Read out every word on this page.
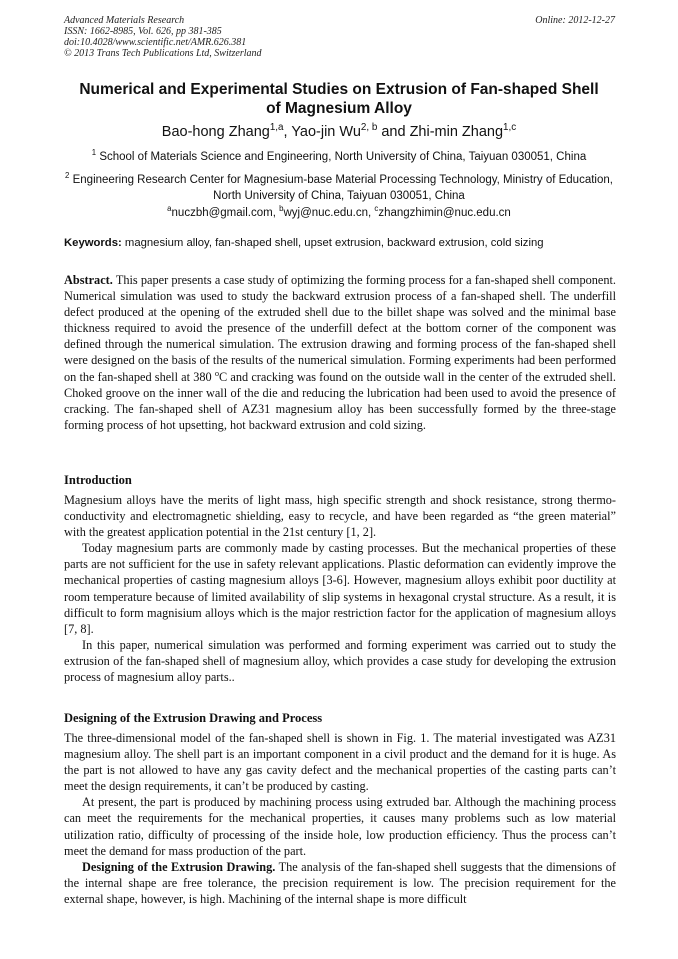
Advanced Materials Research
ISSN: 1662-8985, Vol. 626, pp 381-385
doi:10.4028/www.scientific.net/AMR.626.381
© 2013 Trans Tech Publications Ltd, Switzerland
Online: 2012-12-27
Numerical and Experimental Studies on Extrusion of Fan-shaped Shell
of Magnesium Alloy
Bao-hong Zhang$^{1,a}$, Yao-jin Wu$^{2, b}$ and Zhi-min Zhang$^{1,c}$
$^1$ School of Materials Science and Engineering, North University of China, Taiyuan 030051, China
$^2$ Engineering Research Center for Magnesium-base Material Processing Technology, Ministry of Education, North University of China, Taiyuan 030051, China
$^a$nuczbh@gmail.com, $^b$wyj@nuc.edu.cn, $^c$zhangzhimin@nuc.edu.cn
Keywords: magnesium alloy, fan-shaped shell, upset extrusion, backward extrusion, cold sizing

Abstract. This paper presents a case study of optimizing the forming process for a fan-shaped shell component. Numerical simulation was used to study the backward extrusion process of a fan-shaped shell. The underfill defect produced at the opening of the extruded shell due to the billet shape was solved and the minimal base thickness required to avoid the presence of the underfill defect at the bottom corner of the component was defined through the numerical simulation. The extrusion drawing and forming process of the fan-shaped shell were designed on the basis of the results of the numerical simulation. Forming experiments had been performed on the fan-shaped shell at 380 $^o$C and cracking was found on the outside wall in the center of the extruded shell. Choked groove on the inner wall of the die and reducing the lubrication had been used to avoid the presence of cracking. The fan-shaped shell of AZ31 magnesium alloy has been successfully formed by the three-stage forming process of hot upsetting, hot backward extrusion and cold sizing.

Introduction

Magnesium alloys have the merits of light mass, high specific strength and shock resistance, strong thermo-conductivity and electromagnetic shielding, easy to recycle, and have been regarded as “the green material” with the greatest application potential in the 21st century [1, 2].

Today magnesium parts are commonly made by casting processes. But the mechanical properties of these parts are not sufficient for the use in safety relevant applications. Plastic deformation can evidently improve the mechanical properties of casting magnesium alloys [3-6]. However, magnesium alloys exhibit poor ductility at room temperature because of limited availability of slip systems in hexagonal crystal structure. As a result, it is difficult to form magnisium alloys which is the major restriction factor for the application of magnesium alloys [7, 8].

In this paper, numerical simulation was performed and forming experiment was carried out to study the extrusion of the fan-shaped shell of magnesium alloy, which provides a case study for developing the extrusion process of magnesium alloy parts..

Designing of the Extrusion Drawing and Process

The three-dimensional model of the fan-shaped shell is shown in Fig. 1. The material investigated was AZ31 magnesium alloy. The shell part is an important component in a civil product and the demand for it is huge. As the part is not allowed to have any gas cavity defect and the mechanical properties of the casting parts can’t meet the design requirements, it can’t be produced by casting.

At present, the part is produced by machining process using extruded bar. Although the machining process can meet the requirements for the mechanical properties, it causes many problems such as low material utilization ratio, difficulty of processing of the inside hole, low production efficiency. Thus the process can’t meet the demand for mass production of the part.

Designing of the Extrusion Drawing. The analysis of the fan-shaped shell suggests that the dimensions of the internal shape are free tolerance, the precision requirement is low. The precision requirement for the external shape, however, is high. Machining of the internal shape is more difficult
